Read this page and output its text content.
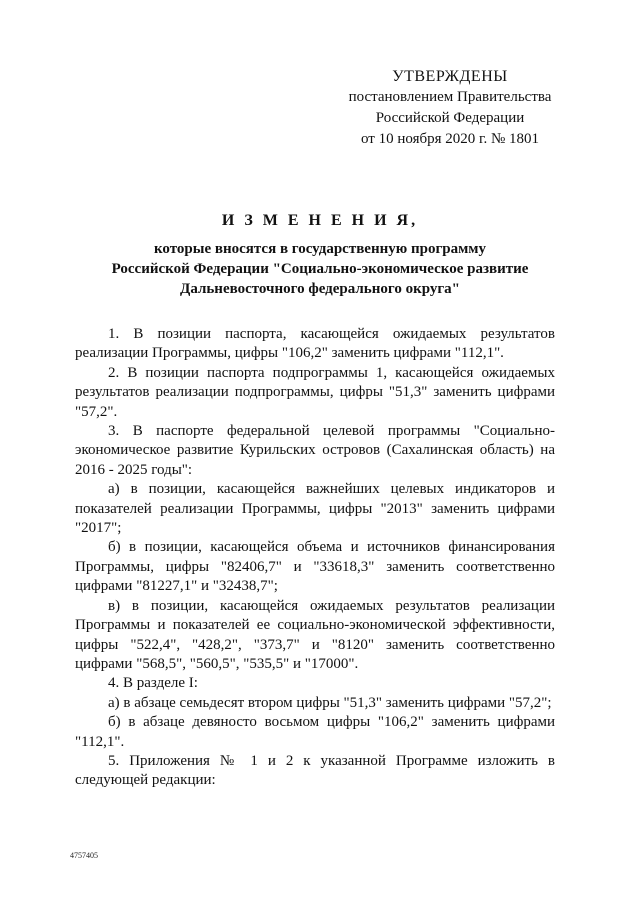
УТВЕРЖДЕНЫ
постановлением Правительства
Российской Федерации
от 10 ноября 2020 г. № 1801
И З М Е Н Е Н И Я,
которые вносятся в государственную программу
Российской Федерации "Социально-экономическое развитие
Дальневосточного федерального округа"

1. В позиции паспорта, касающейся ожидаемых результатов реализации Программы, цифры "106,2" заменить цифрами "112,1".

2. В позиции паспорта подпрограммы 1, касающейся ожидаемых результатов реализации подпрограммы, цифры "51,3" заменить цифрами "57,2".

3. В паспорте федеральной целевой программы "Социально-экономическое развитие Курильских островов (Сахалинская область) на 2016 - 2025 годы":

а) в позиции, касающейся важнейших целевых индикаторов и показателей реализации Программы, цифры "2013" заменить цифрами "2017";

б) в позиции, касающейся объема и источников финансирования Программы, цифры "82406,7" и "33618,3" заменить соответственно цифрами "81227,1" и "32438,7";

в) в позиции, касающейся ожидаемых результатов реализации Программы и показателей ее социально-экономической эффективности, цифры "522,4", "428,2", "373,7" и "8120" заменить соответственно цифрами "568,5", "560,5", "535,5" и "17000".

4. В разделе I:

а) в абзаце семьдесят втором цифры "51,3" заменить цифрами "57,2";

б) в абзаце девяносто восьмом цифры "106,2" заменить цифрами "112,1".

5. Приложения № 1 и 2 к указанной Программе изложить в следующей редакции:

4757405
